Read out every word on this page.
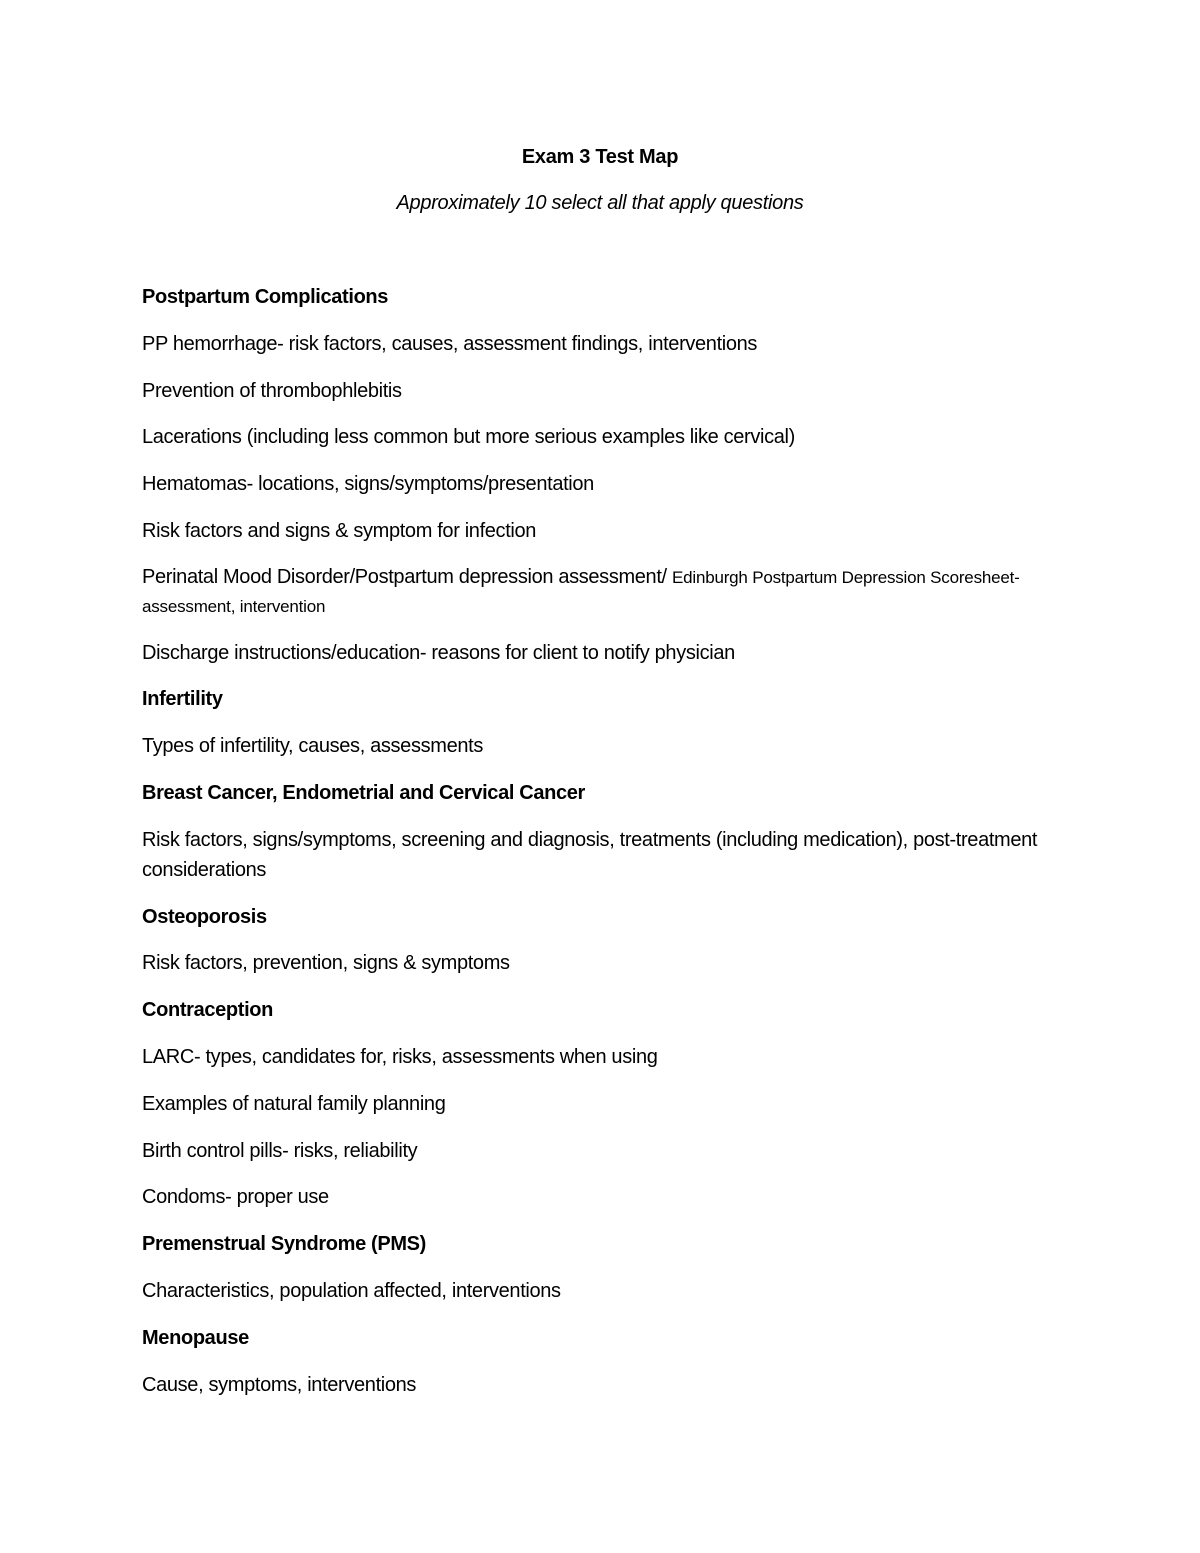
Exam 3 Test Map
Approximately 10 select all that apply questions
Postpartum Complications
PP hemorrhage- risk factors, causes, assessment findings, interventions
Prevention of thrombophlebitis
Lacerations (including less common but more serious examples like cervical)
Hematomas- locations, signs/symptoms/presentation
Risk factors and signs & symptom for infection
Perinatal Mood Disorder/Postpartum depression assessment/ Edinburgh Postpartum Depression Scoresheet- assessment, intervention
Discharge instructions/education- reasons for client to notify physician
Infertility
Types of infertility, causes, assessments
Breast Cancer, Endometrial and Cervical Cancer
Risk factors, signs/symptoms, screening and diagnosis, treatments (including medication), post-treatment considerations
Osteoporosis
Risk factors, prevention, signs & symptoms
Contraception
LARC- types, candidates for, risks, assessments when using
Examples of natural family planning
Birth control pills- risks, reliability
Condoms- proper use
Premenstrual Syndrome (PMS)
Characteristics, population affected, interventions
Menopause
Cause, symptoms, interventions
